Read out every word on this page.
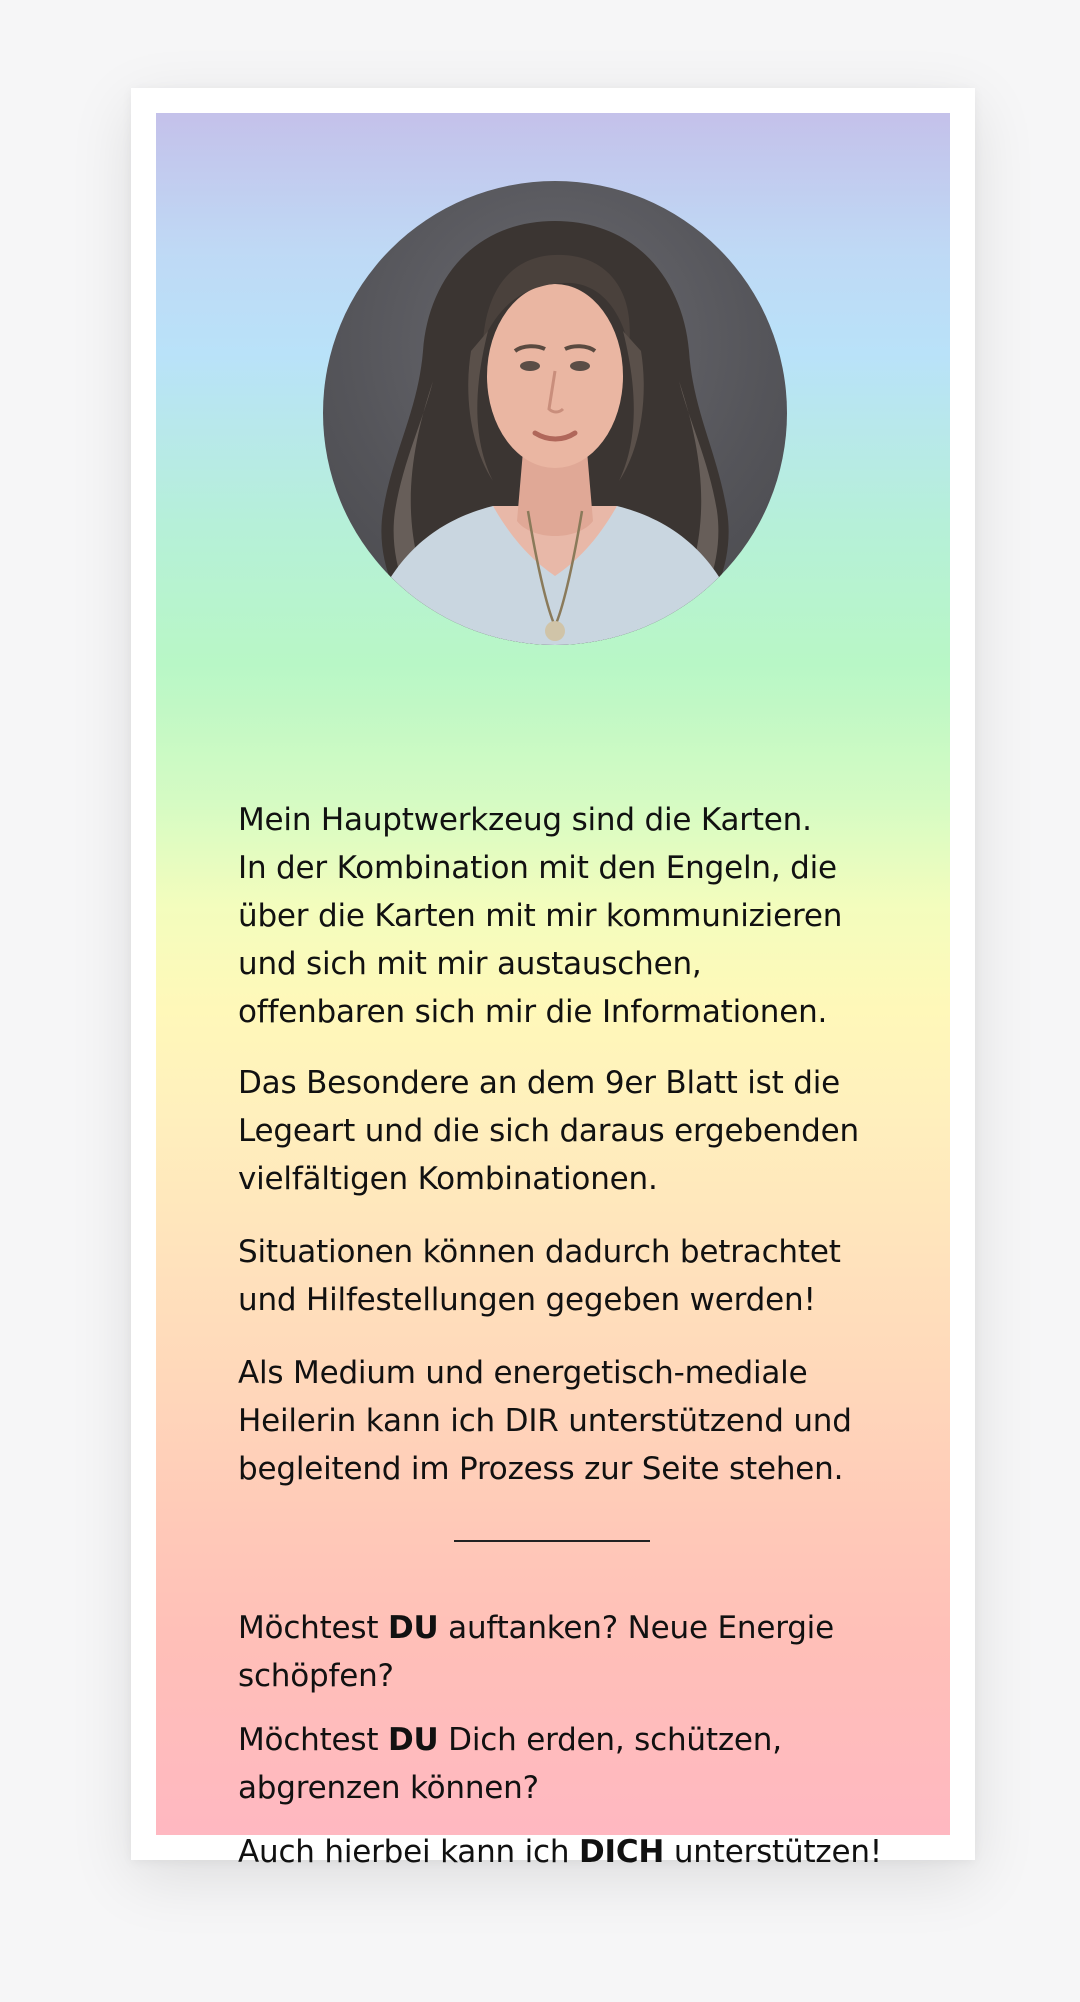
Mein Hauptwerkzeug sind die Karten.

In der Kombination mit den Engeln, die über die Karten mit mir kommunizieren und sich mit mir austauschen, offenbaren sich mir die Informationen.

Das Besondere an dem 9er Blatt ist die Legeart und die sich daraus ergebenden vielfältigen Kombinationen.

Situationen können dadurch betrachtet und Hilfestellungen gegeben werden!

Als Medium und energetisch-mediale Heilerin kann ich DIR unterstützend und begleitend im Prozess zur Seite stehen.

Möchtest DU auftanken? Neue Energie schöpfen?

Möchtest DU Dich erden, schützen, abgrenzen können?

Auch hierbei kann ich DICH unterstützen!
